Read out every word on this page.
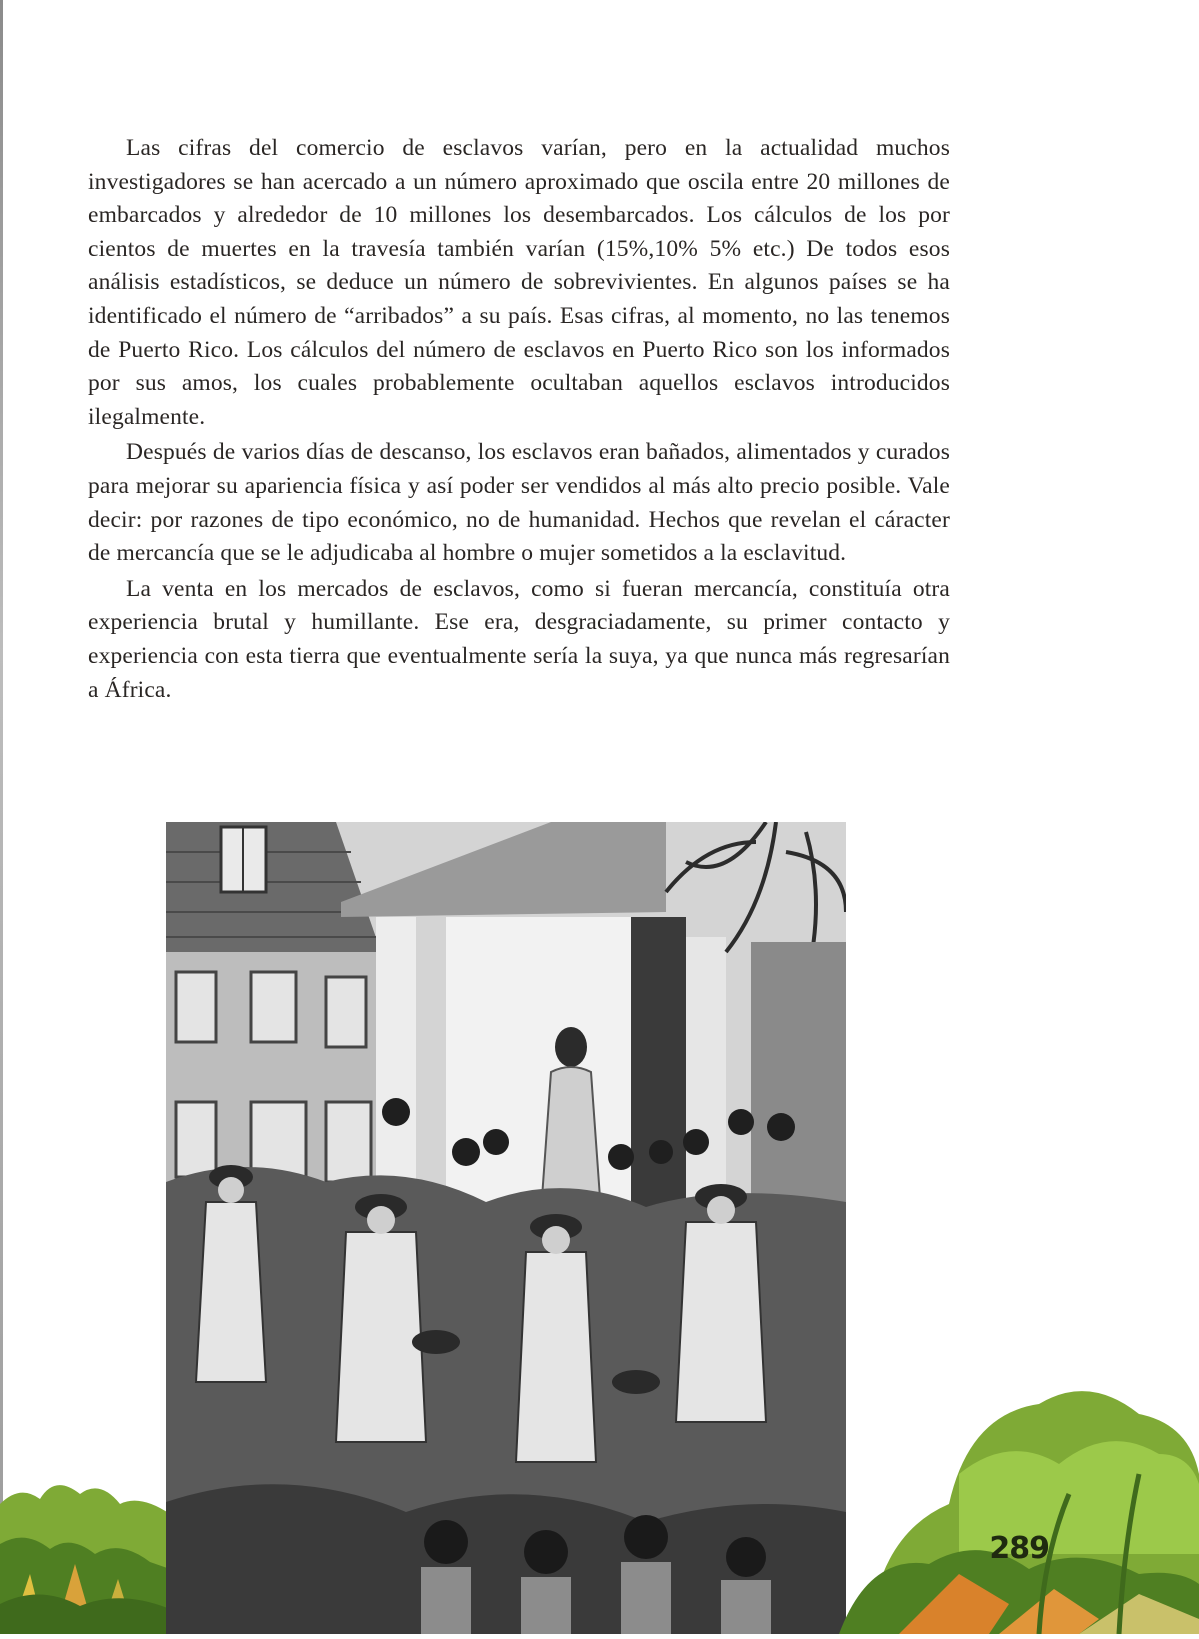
Las cifras del comercio de esclavos varían, pero en la actualidad muchos investigadores se han acercado a un número aproximado que oscila entre 20 millones de embarcados y alrededor de 10 millones los desembarcados. Los cálculos de los por cientos de muertes en la travesía también varían (15%,10% 5% etc.) De todos esos análisis estadísticos, se deduce un número de sobrevivientes. En algunos países se ha identificado el número de “arribados” a su país. Esas cifras, al momento, no las tenemos de Puerto Rico. Los cálculos del número de esclavos en Puerto Rico son los informados por sus amos, los cuales probablemente ocultaban aquellos esclavos introducidos ilegalmente.

Después de varios días de descanso, los esclavos eran bañados, alimentados y curados para mejorar su apariencia física y así poder ser vendidos al más alto precio posible. Vale decir: por razones de tipo económico, no de humanidad. Hechos que revelan el cáracter de mercancía que se le adjudicaba al hombre o mujer sometidos a la esclavitud.

La venta en los mercados de esclavos, como si fueran mercancía, constituía otra experiencia brutal y humillante. Ese era, desgraciadamente, su primer contacto y experiencia con esta tierra que eventualmente sería la suya, ya que nunca más regresarían a África.

289
